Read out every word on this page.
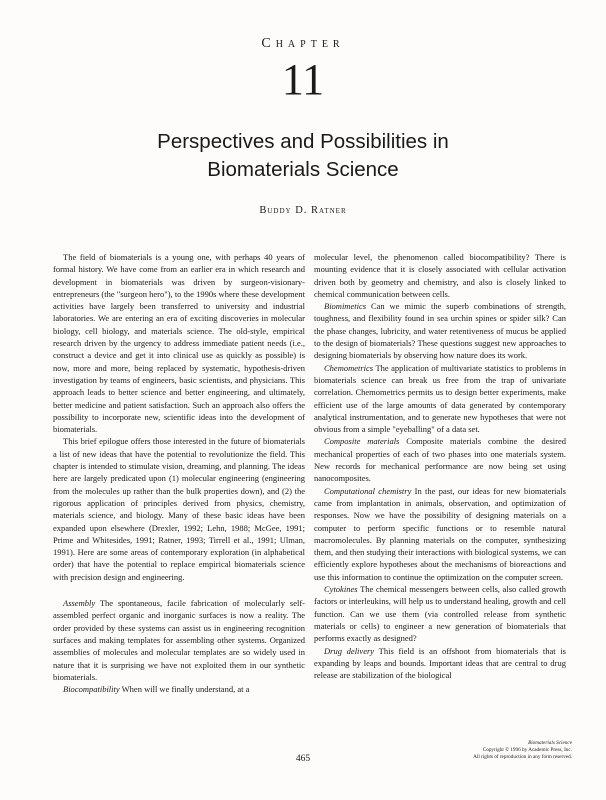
Chapter
11
Perspectives and Possibilities in
Biomaterials Science
Buddy D. Ratner

The field of biomaterials is a young one, with perhaps 40 years of formal history. We have come from an earlier era in which research and development in biomaterials was driven by surgeon-visionary-entrepreneurs (the "surgeon hero"), to the 1990s where these development activities have largely been transferred to university and industrial laboratories. We are entering an era of exciting discoveries in molecular biology, cell biology, and materials science. The old-style, empirical research driven by the urgency to address immediate patient needs (i.e., construct a device and get it into clinical use as quickly as possible) is now, more and more, being replaced by systematic, hypothesis-driven investigation by teams of engineers, basic scientists, and physicians. This approach leads to better science and better engineering, and ultimately, better medicine and patient satisfaction. Such an approach also offers the possibility to incorporate new, scientific ideas into the development of biomaterials.

This brief epilogue offers those interested in the future of biomaterials a list of new ideas that have the potential to revolutionize the field. This chapter is intended to stimulate vision, dreaming, and planning. The ideas here are largely predicated upon (1) molecular engineering (engineering from the molecules up rather than the bulk properties down), and (2) the rigorous application of principles derived from physics, chemistry, materials science, and biology. Many of these basic ideas have been expanded upon elsewhere (Drexler, 1992; Lehn, 1988; McGee, 1991; Prime and Whitesides, 1991; Ratner, 1993; Tirrell et al., 1991; Ulman, 1991). Here are some areas of contemporary exploration (in alphabetical order) that have the potential to replace empirical biomaterials science with precision design and engineering.

Assembly The spontaneous, facile fabrication of molecularly self-assembled perfect organic and inorganic surfaces is now a reality. The order provided by these systems can assist us in engineering recognition surfaces and making templates for assembling other systems. Organized assemblies of molecules and molecular templates are so widely used in nature that it is surprising we have not exploited them in our synthetic biomaterials.

Biocompatibility When will we finally understand, at a

molecular level, the phenomenon called biocompatibility? There is mounting evidence that it is closely associated with cellular activation driven both by geometry and chemistry, and also is closely linked to chemical communication between cells.

Biomimetics Can we mimic the superb combinations of strength, toughness, and flexibility found in sea urchin spines or spider silk? Can the phase changes, lubricity, and water retentiveness of mucus be applied to the design of biomaterials? These questions suggest new approaches to designing biomaterials by observing how nature does its work.

Chemometrics The application of multivariate statistics to problems in biomaterials science can break us free from the trap of univariate correlation. Chemometrics permits us to design better experiments, make efficient use of the large amounts of data generated by contemporary analytical instrumentation, and to generate new hypotheses that were not obvious from a simple "eyeballing" of a data set.

Composite materials Composite materials combine the desired mechanical properties of each of two phases into one materials system. New records for mechanical performance are now being set using nanocomposites.

Computational chemistry In the past, our ideas for new biomaterials came from implantation in animals, observation, and optimization of responses. Now we have the possibility of designing materials on a computer to perform specific functions or to resemble natural macromolecules. By planning materials on the computer, synthesizing them, and then studying their interactions with biological systems, we can efficiently explore hypotheses about the mechanisms of bioreactions and use this information to continue the optimization on the computer screen.

Cytokines The chemical messengers between cells, also called growth factors or interleukins, will help us to understand healing, growth and cell function. Can we use them (via controlled release from synthetic materials or cells) to engineer a new generation of biomaterials that performs exactly as designed?

Drug delivery This field is an offshoot from biomaterials that is expanding by leaps and bounds. Important ideas that are central to drug release are stabilization of the biological

465
Biomaterials Science
Copyright © 1996 by Academic Press, Inc.
All rights of reproduction in any form reserved.
